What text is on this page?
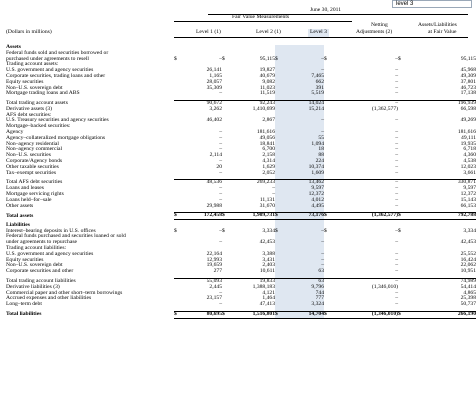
level 3
June 30, 2011
Fair Value Measurements
Netting	Assets/Liabilities
(Dollars in millions)	Level 1 (1)	Level 2 (1)	Level 3	Adjustments (2)	at Fair Value
Assets										
Federal funds sold and securities borrowed or										
purchased under agreements to resell	$	–	$	95,115	$	–	$	–	$	95,115
Trading account assets:										
U.S. government and agency securities		26,141		19,827		–		–		45,968
Corporate securities, trading loans and other		1,165		40,679		7,465		–		49,309
Equity securities		28,057		9,082		662		–		37,801
Non–U.S. sovereign debt		35,309		11,023		391		–		46,723
Mortgage trading loans and ABS		–		11,519		5,519		–		17,138

Total trading account assets		90,672		92,243		14,024		–		196,939
Derivative assets (3)		3,262		1,410,699		15,214		(1,362,577)		66,598
AFS debt securities:										
U.S. Treasury securities and agency securities		46,402		2,867		–		–		49,269
Mortgage–backed securities:										
Agency		–		181,616		–		–		181,616
Agency–collateralized mortgage obligations		–		49,056		55		–		49,111
Non–agency residential		–		18,841		1,094		–		19,935
Non–agency commercial		–		6,700		18		–		6,718
Non–U.S. securities		2,114		2,158		88		–		4,360
Corporate/Agency bonds		–		4,314		224		–		4,538
Other taxable securities		20		1,629		10,374		–		12,023
Tax–exempt securities		–		2,052		1,609		–		3,661

Total AFS debt securities		48,536		269,233		13,462		–		330,871
Loans and leases		–		–		9,597		–		9,597
Mortgage servicing rights		–		–		12,372		–		12,372
Loans held–for–sale		–		11,131		4,012		–		15,143
Other assets		29,988		31,670		4,495		–		66,153

Total assets	$	172,458	$	1,909,731	$	73,176	$	(1,362,577)	$	792,788

Liabilities										
Interest–bearing deposits in U.S. offices	$	–	$	3,334	$	–	$	–	$	3,334
Federal funds purchased and securities loaned or sold										
under agreements to repurchase		–		42,453		–		–		42,453
Trading account liabilities:										
U.S. government and agency securities		22,164		3,388		–		–		25,552
Equity securities		12,993		3,431		–		–		16,424
Non–U.S. sovereign debt		19,659		2,403		–		–		22,062
Corporate securities and other		277		10,611		63		–		10,951

Total trading account liabilities		55,093		19,833		63		–		74,989
Derivative liabilities (3)		2,445		1,388,183		9,796		(1,346,010)		54,414
Commercial paper and other short–term borrowings		–		4,121		744		–		4,865
Accrued expenses and other liabilities		23,157		1,464		777		–		25,398
Long–term debt		–		47,413		3,324		–		50,737

Total liabilities	$	80,695	$	1,516,801	$	14,704	$	(1,346,010)	$	266,190
